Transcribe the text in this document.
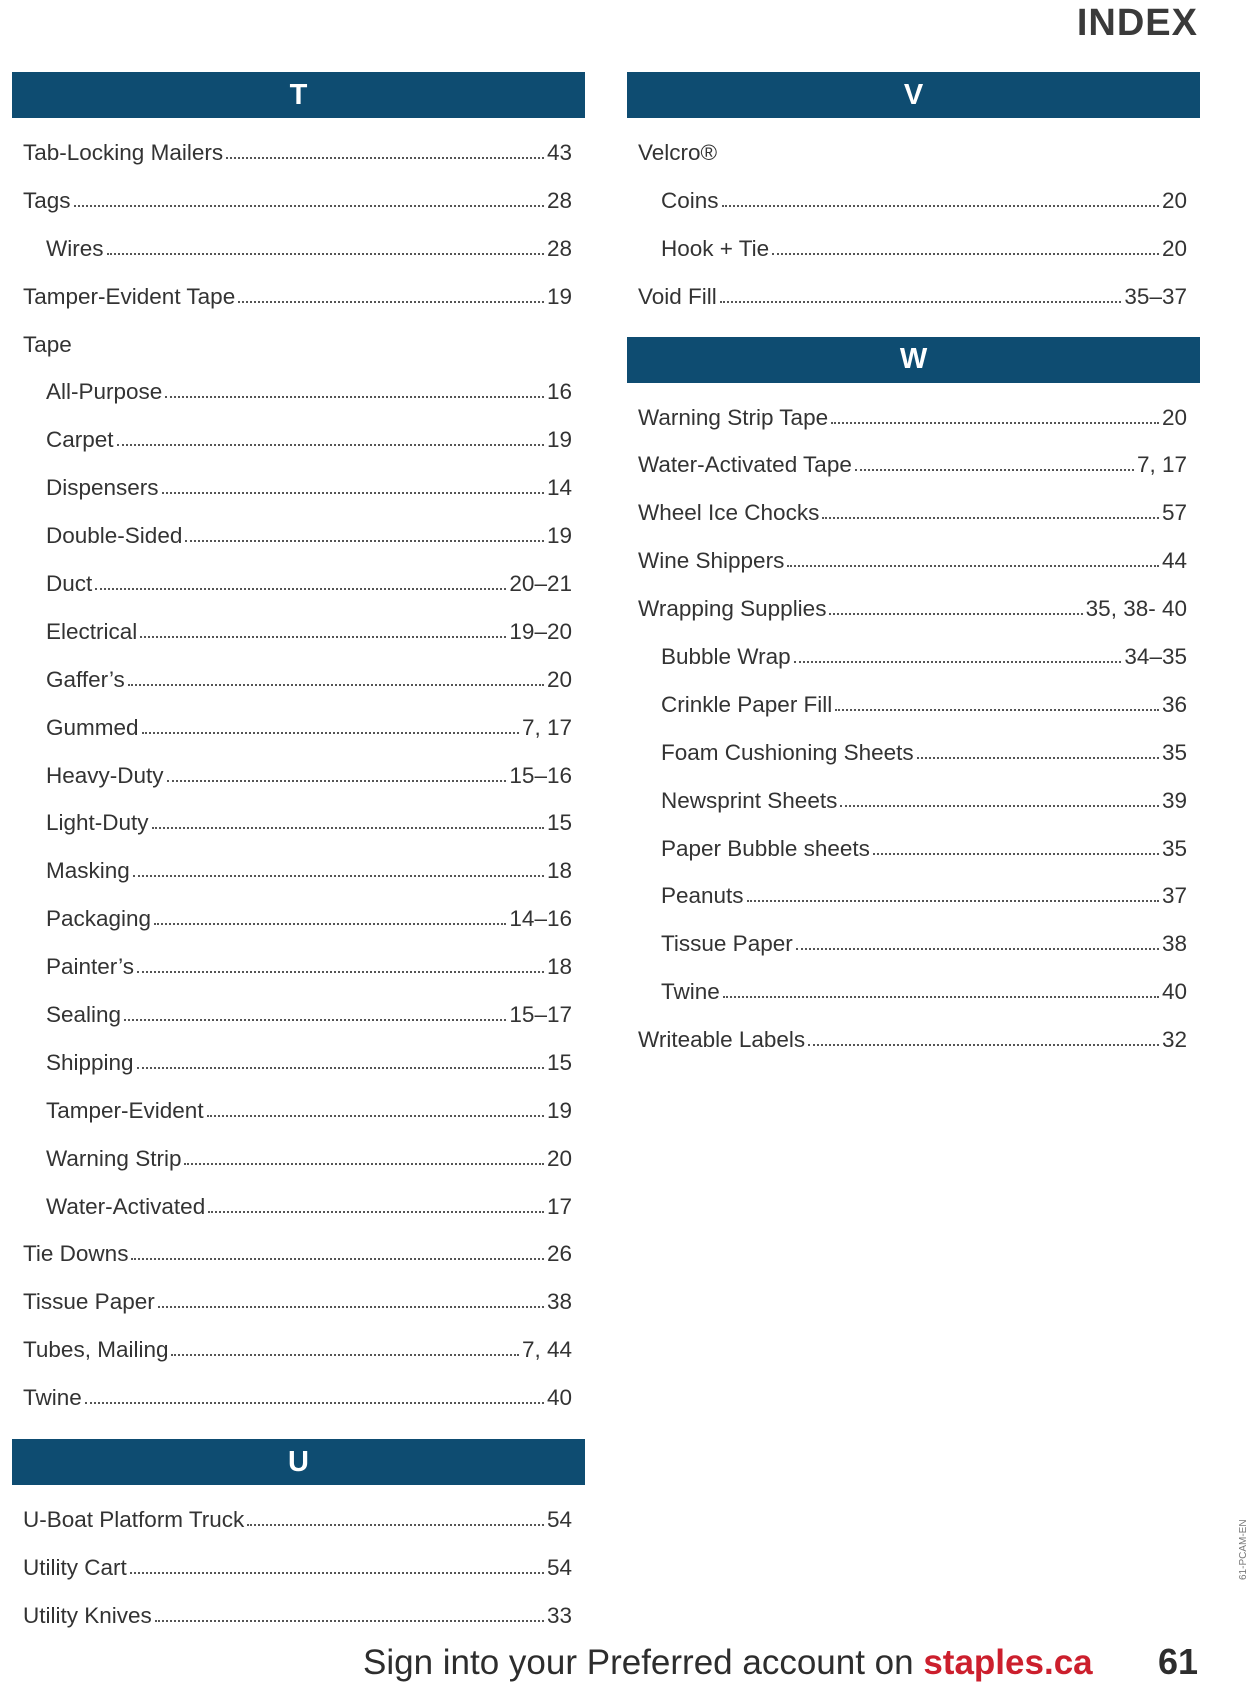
INDEX
T
Tab-Locking Mailers	43
Tags	28
Wires	28
Tamper-Evident Tape	19
Tape
All-Purpose	16
Carpet	19
Dispensers	14
Double-Sided	19
Duct	20–21
Electrical	19–20
Gaffer’s	20
Gummed	7, 17
Heavy-Duty	15–16
Light-Duty	15
Masking	18
Packaging	14–16
Painter’s	18
Sealing	15–17
Shipping	15
Tamper-Evident	19
Warning Strip	20
Water-Activated	17
Tie Downs	26
Tissue Paper	38
Tubes, Mailing	7, 44
Twine	40
U
U-Boat Platform Truck	54
Utility Cart	54
Utility Knives	33
V
Velcro®
Coins	20
Hook + Tie	20
Void Fill	35–37
W
Warning Strip Tape	20
Water-Activated Tape	7, 17
Wheel Ice Chocks	57
Wine Shippers	44
Wrapping Supplies	35, 38- 40
Bubble Wrap	34–35
Crinkle Paper Fill	36
Foam Cushioning Sheets	35
Newsprint Sheets	39
Paper Bubble sheets	35
Peanuts	37
Tissue Paper	38
Twine	40
Writeable Labels	32
Sign into your Preferred account on staples.ca 61
61-PCAM-EN
